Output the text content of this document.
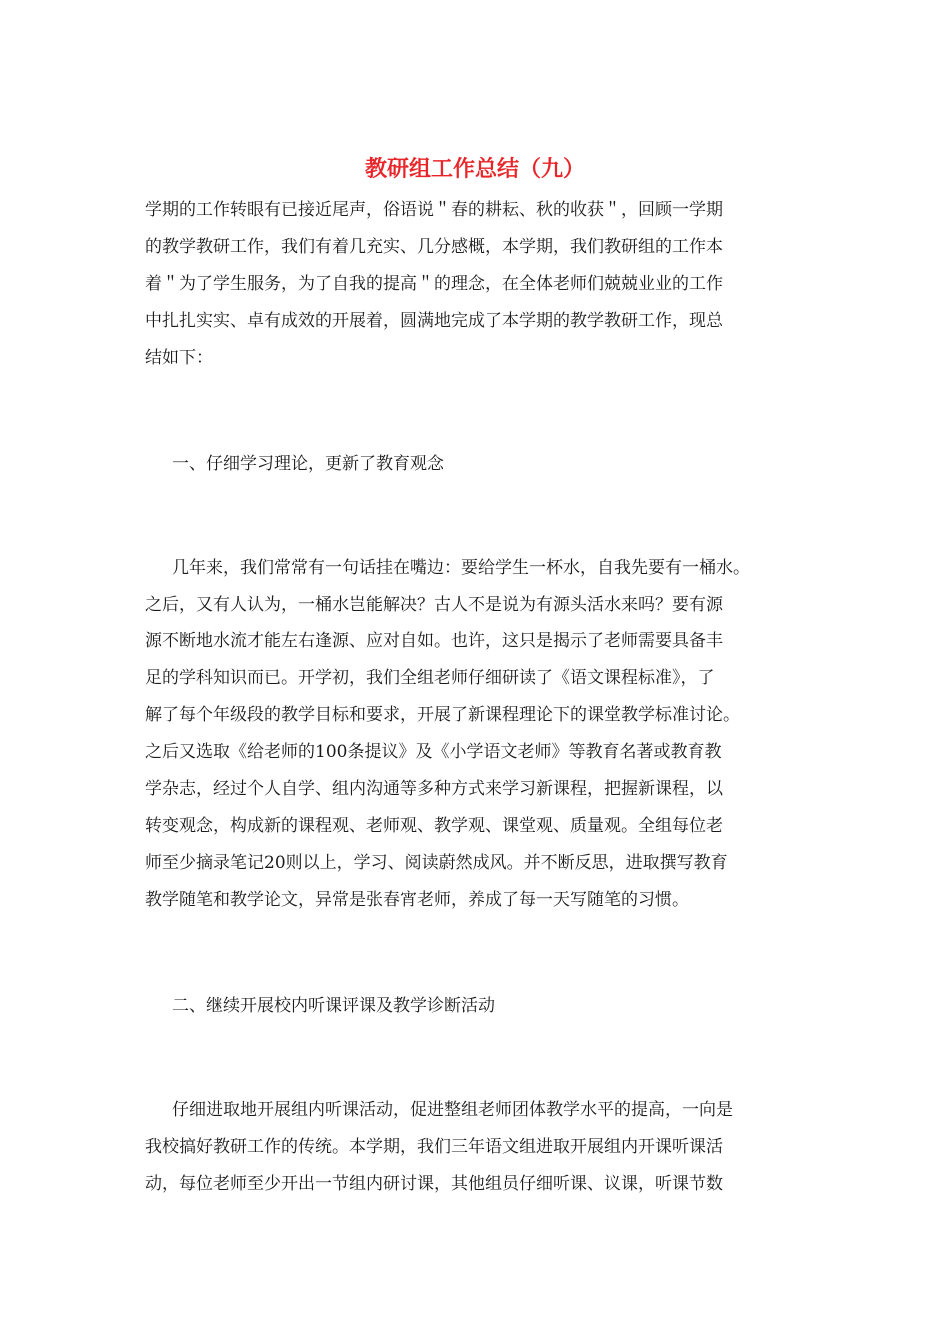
教研组工作总结（九）

学期的工作转眼有已接近尾声，俗语说＂春的耕耘、秋的收获＂，回顾一学期

的教学教研工作，我们有着几充实、几分感概，本学期，我们教研组的工作本

着＂为了学生服务，为了自我的提高＂的理念，在全体老师们兢兢业业的工作

中扎扎实实、卓有成效的开展着，圆满地完成了本学期的教学教研工作，现总

结如下：

一、仔细学习理论，更新了教育观念

几年来，我们常常有一句话挂在嘴边：要给学生一杯水，自我先要有一桶水。

之后，又有人认为，一桶水岂能解决？古人不是说为有源头活水来吗？要有源

源不断地水流才能左右逢源、应对自如。也许，这只是揭示了老师需要具备丰

足的学科知识而已。开学初，我们全组老师仔细研读了《语文课程标准》，了

解了每个年级段的教学目标和要求，开展了新课程理论下的课堂教学标准讨论。

之后又选取《给老师的100条提议》及《小学语文老师》等教育名著或教育教

学杂志，经过个人自学、组内沟通等多种方式来学习新课程，把握新课程，以

转变观念，构成新的课程观、老师观、教学观、课堂观、质量观。全组每位老

师至少摘录笔记20则以上，学习、阅读蔚然成风。并不断反思，进取撰写教育

教学随笔和教学论文，异常是张春宵老师，养成了每一天写随笔的习惯。

二、继续开展校内听课评课及教学诊断活动

仔细进取地开展组内听课活动，促进整组老师团体教学水平的提高，一向是

我校搞好教研工作的传统。本学期，我们三年语文组进取开展组内开课听课活

动，每位老师至少开出一节组内研讨课，其他组员仔细听课、议课，听课节数
